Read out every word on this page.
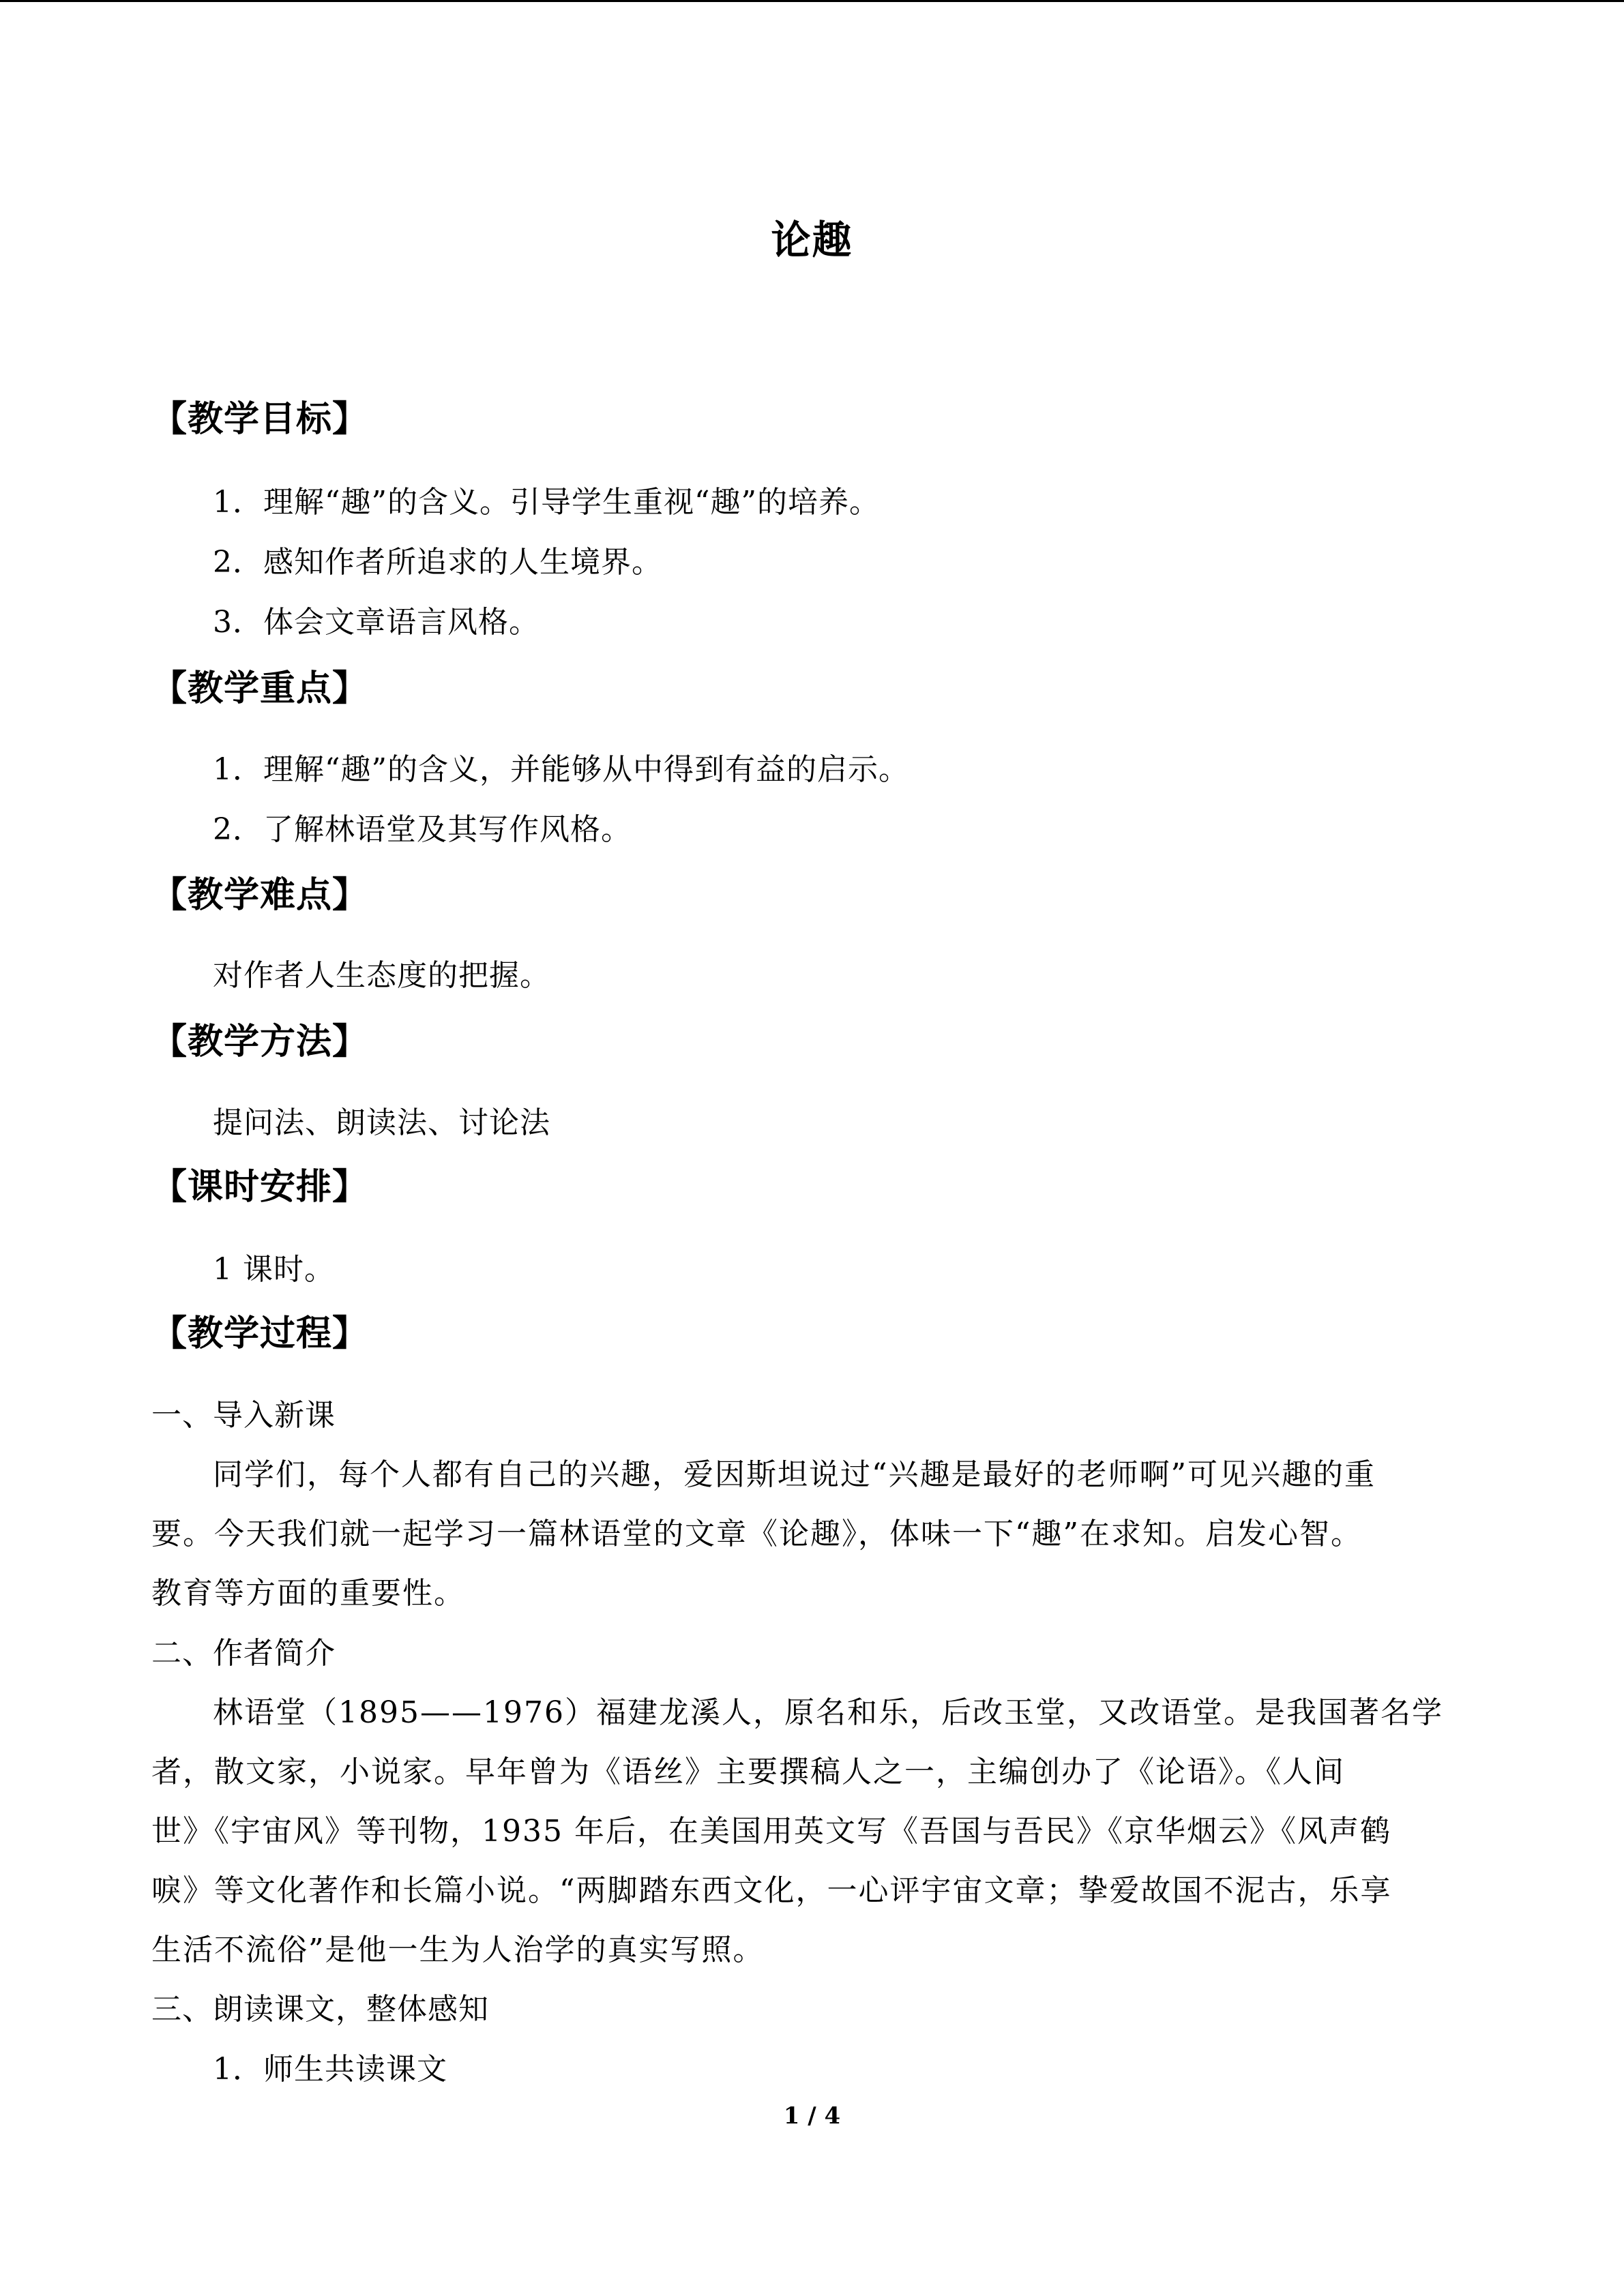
论趣
【教学目标】
1．理解“趣”的含义。引导学生重视“趣”的培养。
2．感知作者所追求的人生境界。
3．体会文章语言风格。
【教学重点】
1．理解“趣”的含义，并能够从中得到有益的启示。
2．了解林语堂及其写作风格。
【教学难点】
对作者人生态度的把握。
【教学方法】
提问法、朗读法、讨论法
【课时安排】
1 课时。
【教学过程】
一、导入新课
同学们，每个人都有自己的兴趣，爱因斯坦说过“兴趣是最好的老师啊”可见兴趣的重
要。今天我们就一起学习一篇林语堂的文章《论趣》，体味一下“趣”在求知。启发心智。
教育等方面的重要性。
二、作者简介
林语堂（1895——1976）福建龙溪人，原名和乐，后改玉堂，又改语堂。是我国著名学
者，散文家，小说家。早年曾为《语丝》主要撰稿人之一，主编创办了《论语》。《人间
世》《宇宙风》等刊物，1935 年后，在美国用英文写《吾国与吾民》《京华烟云》《风声鹤
唳》等文化著作和长篇小说。“两脚踏东西文化，一心评宇宙文章；挚爱故国不泥古，乐享
生活不流俗”是他一生为人治学的真实写照。
三、朗读课文，整体感知
1．师生共读课文
1 / 4
